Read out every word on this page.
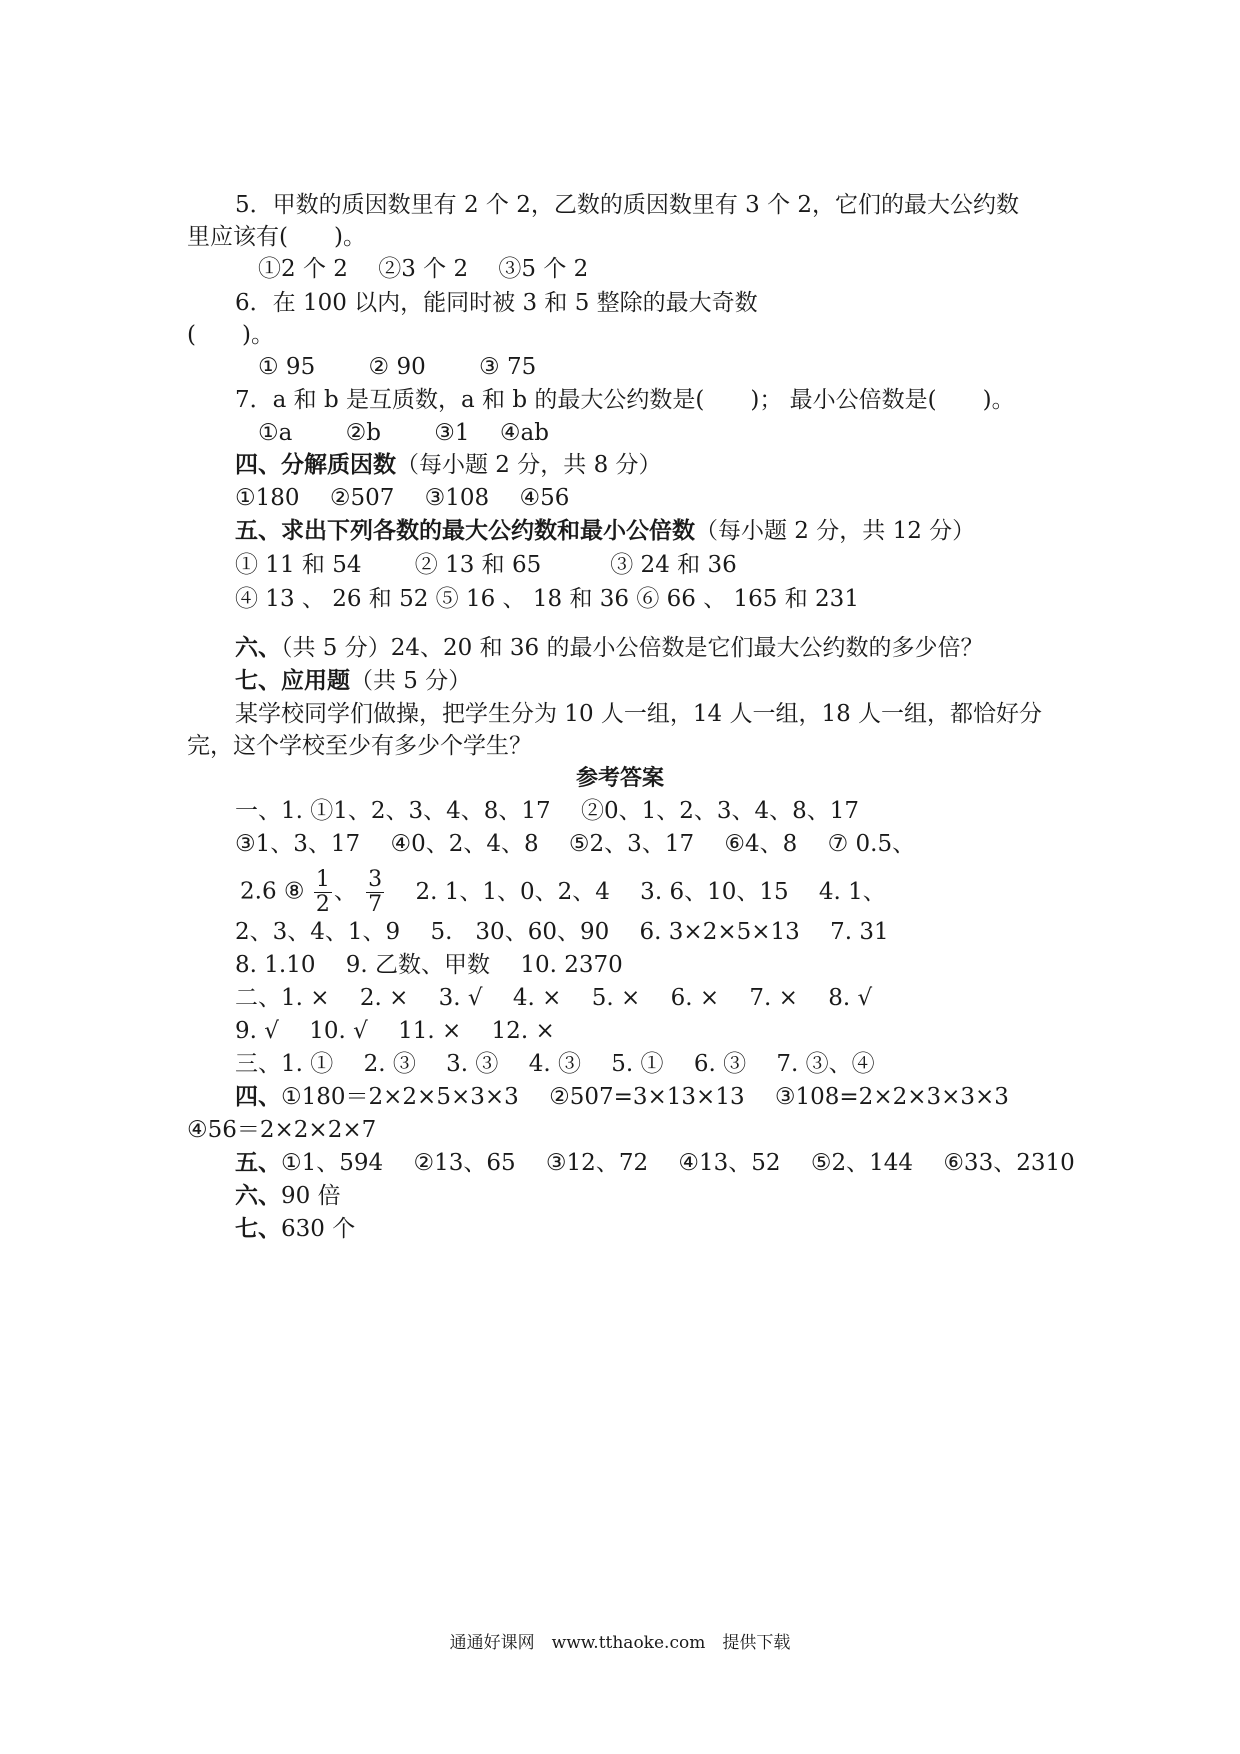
5．甲数的质因数里有 2 个 2，乙数的质因数里有 3 个 2，它们的最大公约数
里应该有(　　)。
①2 个 2　 ②3 个 2　 ③5 个 2
6．在 100 以内，能同时被 3 和 5 整除的最大奇数
(　　)。
① 95　　 ② 90　　 ③ 75
7．a 和 b 是互质数，a 和 b 的最大公约数是(　　)； 最小公倍数是(　　)。
①a　　 ②b　　 ③1　 ④ab
四、分解质因数（每小题 2 分，共 8 分）
①180　 ②507　 ③108　 ④56
五、求出下列各数的最大公约数和最小公倍数（每小题 2 分，共 12 分）
① 11 和 54　　 ② 13 和 65　　　③ 24 和 36
④ 13 、 26 和 52 ⑤ 16 、 18 和 36 ⑥ 66 、 165 和 231
六、（共 5 分）24、20 和 36 的最小公倍数是它们最大公约数的多少倍？
七、应用题（共 5 分）
某学校同学们做操，把学生分为 10 人一组，14 人一组，18 人一组，都恰好分
完，这个学校至少有多少个学生？
参考答案
一、1. ①1、2、3、4、8、17　 ②0、1、2、3、4、8、17
③1、3、17　 ④0、2、4、8　 ⑤2、3、17　 ⑥4、8　 ⑦ 0.5、
2.6 ⑧ $\frac{1}{2}$ 、 $\frac{3}{7} 2$. 1、1、0、2、4　 3. 6、10、15　 4. 1、
2、3、4、1、9　 5.　30、60、90　 6. 3×2×5×13　 7. 31
8. 1.10　 9. 乙数、甲数　 10. 2370
二、1. ×　 2. ×　 3. √　 4. ×　 5. ×　 6. ×　 7. ×　 8. √
9. √　 10. √　 11. ×　 12. ×
三、1. ①　 2. ③　 3. ③　 4. ③　 5. ①　 6. ③　 7. ③、④
四、①180＝2×2×5×3×3　 ②507=3×13×13　 ③108=2×2×3×3×3
④56＝2×2×2×7
五、①1、594　 ②13、65　 ③12、72　 ④13、52　 ⑤2、144　 ⑥33、2310
六、90 倍
七、630 个
通通好课网　www.tthaoke.com　提供下载
